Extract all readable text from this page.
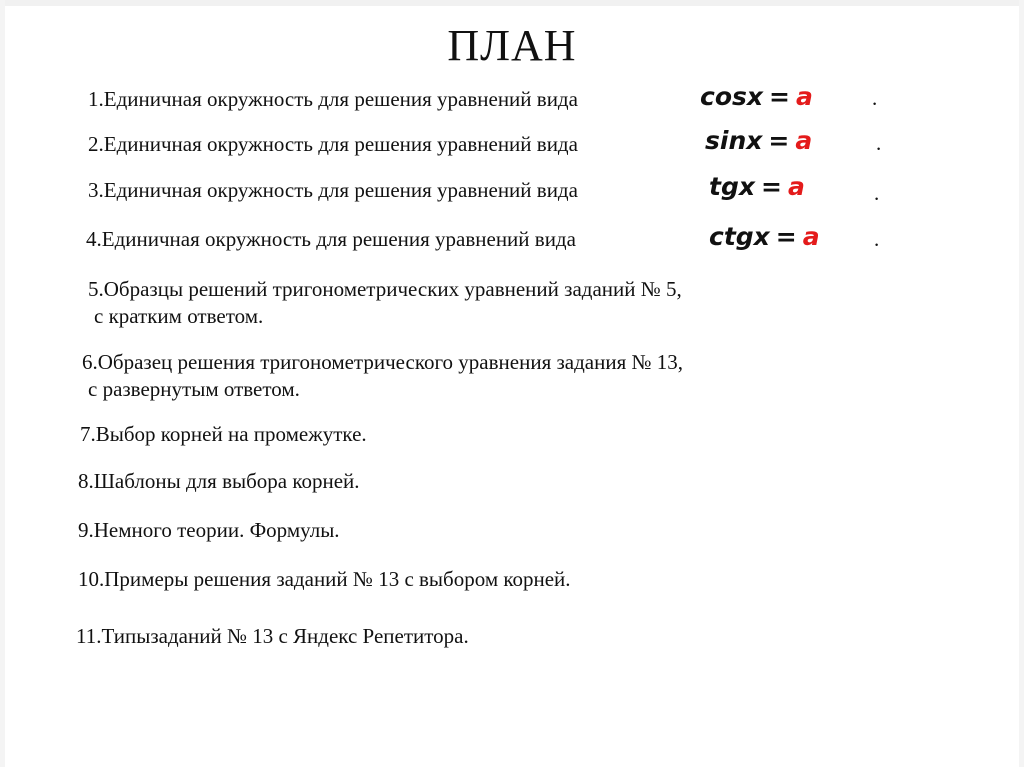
ПЛАН
1.Единичная окружность для решения уравнений вида	cosx = a	.
2.Единичная окружность для решения уравнений вида	sinx = a	.
3.Единичная окружность для решения уравнений вида	tgx = a	.
4.Единичная окружность для решения уравнений вида	ctgx = a	.
5.Образцы решений тригонометрических уравнений заданий № 5,
с кратким ответом.
6.Образец решения тригонометрического уравнения задания № 13,
с развернутым ответом.
7.Выбор корней на промежутке.
8.Шаблоны для выбора корней.
9.Немного теории. Формулы.
10.Примеры решения заданий № 13 с выбором корней.
11.Типызаданий № 13 с Яндекс Репетитора.
